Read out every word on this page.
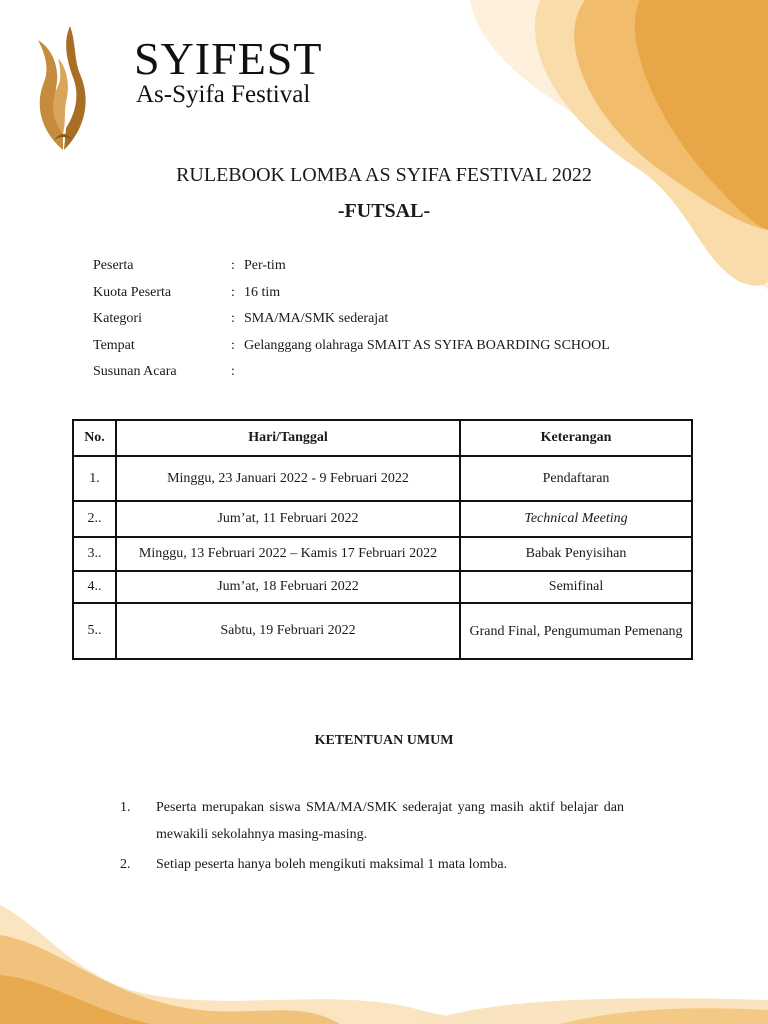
SYIFEST
As-Syifa Festival
RULEBOOK LOMBA AS SYIFA FESTIVAL 2022
-FUTSAL-
Peserta	: Per-tim
Kuota Peserta	: 16 tim
Kategori	: SMA/MA/SMK sederajat
Tempat	: Gelanggang olahraga SMAIT AS SYIFA BOARDING SCHOOL
Susunan Acara	:
No.	Hari/Tanggal	Keterangan
1.	Minggu, 23 Januari 2022 - 9 Februari 2022	Pendaftaran
2..	Jum’at, 11 Februari 2022	Technical Meeting
3..	Minggu, 13 Februari 2022 – Kamis 17 Februari 2022	Babak Penyisihan
4..	Jum’at, 18 Februari 2022	Semifinal
5..	Sabtu, 19 Februari 2022	Grand Final, Pengumuman Pemenang
KETENTUAN UMUM
1.	Peserta merupakan siswa SMA/MA/SMK sederajat yang masih aktif belajar dan mewakili sekolahnya masing-masing.
2.	Setiap peserta hanya boleh mengikuti maksimal 1 mata lomba.
